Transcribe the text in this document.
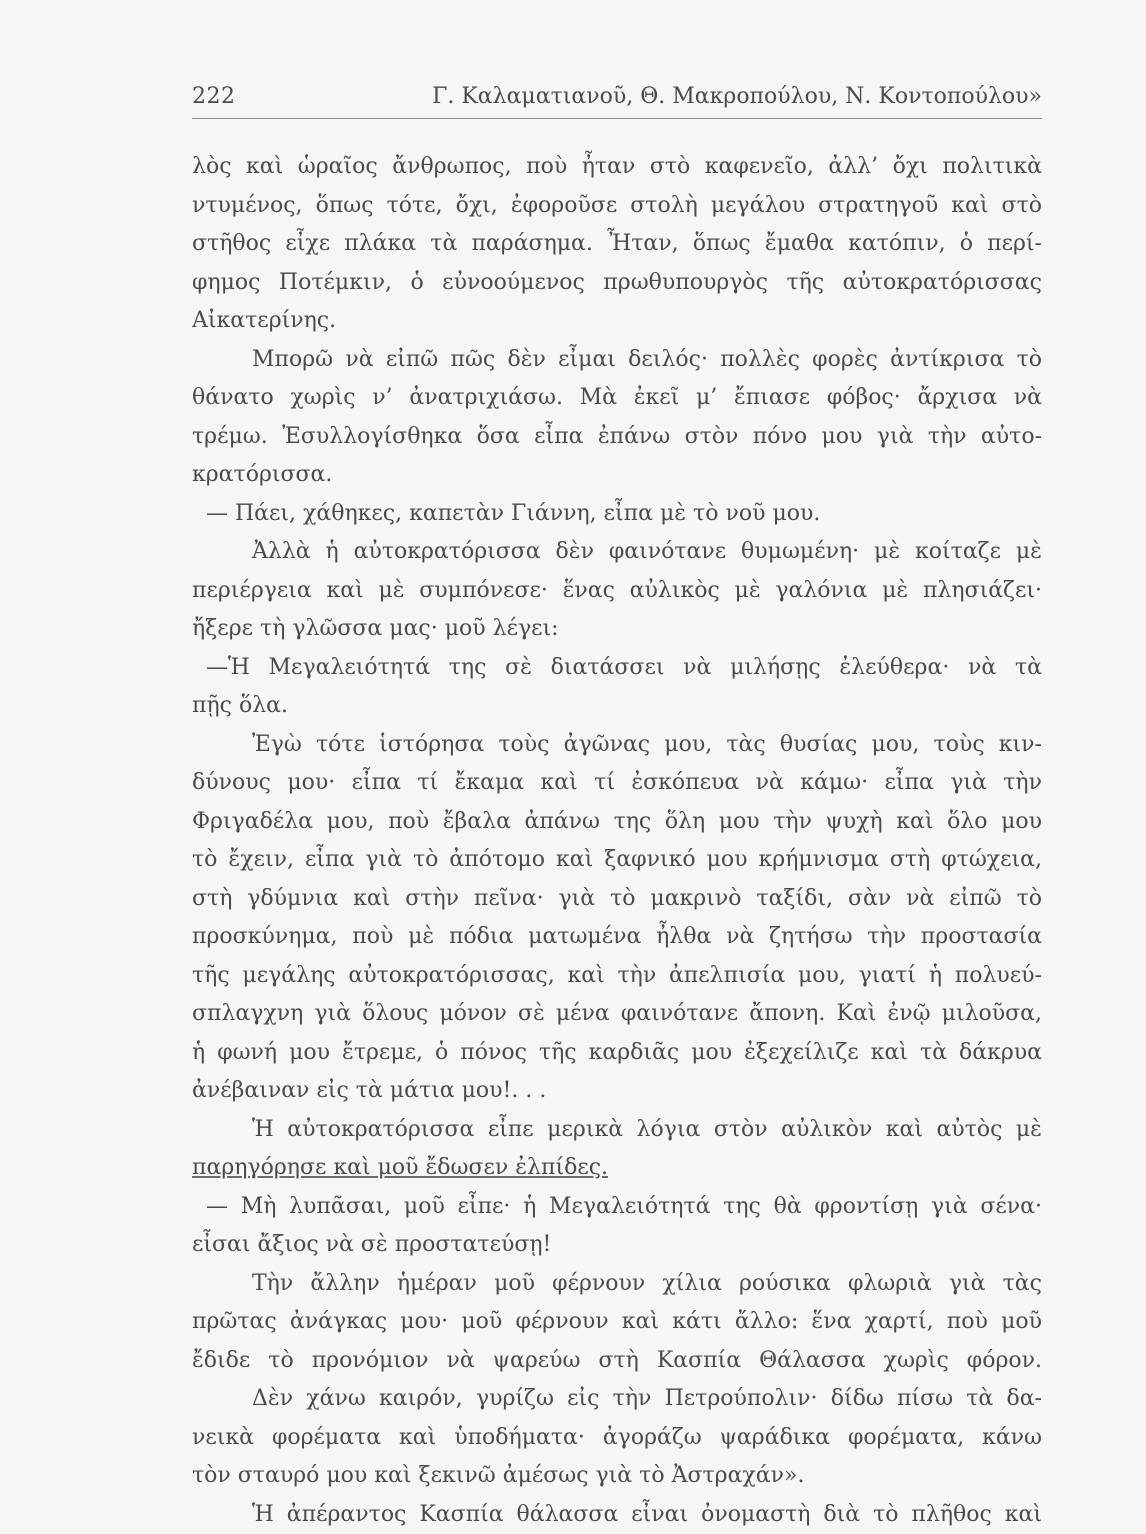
222	Γ. Καλαματιανοῦ, Θ. Μακροπούλου, Ν. Κοντοπούλου»
λὸς καὶ ὡραῖος ἄνθρωπος, ποὺ ἦταν στὸ καφενεῖο, ἀλλ’ ὄχι πολιτικὰ
ντυμένος, ὅπως τότε, ὄχι, ἐφοροῦσε στολὴ μεγάλου στρατηγοῦ καὶ στὸ
στῆθος εἶχε πλάκα τὰ παράσημα. Ἦταν, ὅπως ἔμαθα κατόπιν, ὁ περί-
φημος Ποτέμκιν, ὁ εὐνοούμενος πρωθυπουργὸς τῆς αὐτοκρατόρισσας
Αἰκατερίνης.
Μπορῶ νὰ εἰπῶ πῶς δὲν εἶμαι δειλός· πολλὲς φορὲς ἀντίκρισα τὸ
θάνατο χωρὶς ν’ ἀνατριχιάσω. Μὰ ἐκεῖ μ’ ἔπιασε φόβος· ἄρχισα νὰ
τρέμω. Ἐσυλλογίσθηκα ὅσα εἶπα ἐπάνω στὸν πόνο μου γιὰ τὴν αὐτο-
κρατόρισσα.
— Πάει, χάθηκες, καπετὰν Γιάννη, εἶπα μὲ τὸ νοῦ μου.
Ἀλλὰ ἡ αὐτοκρατόρισσα δὲν φαινότανε θυμωμένη· μὲ κοίταζε μὲ
περιέργεια καὶ μὲ συμπόνεσε· ἕνας αὐλικὸς μὲ γαλόνια μὲ πλησιάζει·
ἤξερε τὴ γλῶσσα μας· μοῦ λέγει:
—Ἡ Μεγαλειότητά της σὲ διατάσσει νὰ μιλήσῃς ἐλεύθερα· νὰ τὰ
πῇς ὅλα.
Ἐγὼ τότε ἱστόρησα τοὺς ἀγῶνας μου, τὰς θυσίας μου, τοὺς κιν-
δύνους μου· εἶπα τί ἔκαμα καὶ τί ἐσκόπευα νὰ κάμω· εἶπα γιὰ τὴν
Φριγαδέλα μου, ποὺ ἔβαλα ἀπάνω της ὅλη μου τὴν ψυχὴ καὶ ὅλο μου
τὸ ἔχειν, εἶπα γιὰ τὸ ἀπότομο καὶ ξαφνικό μου κρήμνισμα στὴ φτώχεια,
στὴ γδύμνια καὶ στὴν πεῖνα· γιὰ τὸ μακρινὸ ταξίδι, σὰν νὰ εἰπῶ τὸ
προσκύνημα, ποὺ μὲ πόδια ματωμένα ἦλθα νὰ ζητήσω τὴν προστασία
τῆς μεγάλης αὐτοκρατόρισσας, καὶ τὴν ἀπελπισία μου, γιατί ἡ πολυεύ-
σπλαγχνη γιὰ ὅλους μόνον σὲ μένα φαινότανε ἄπονη. Καὶ ἐνῷ μιλοῦσα,
ἡ φωνή μου ἔτρεμε, ὁ πόνος τῆς καρδιᾶς μου ἐξεχείλιζε καὶ τὰ δάκρυα
ἀνέβαιναν εἰς τὰ μάτια μου!. . .
Ἡ αὐτοκρατόρισσα εἶπε μερικὰ λόγια στὸν αὐλικὸν καὶ αὐτὸς μὲ
παρηγόρησε καὶ μοῦ ἔδωσεν ἐλπίδες.
— Μὴ λυπᾶσαι, μοῦ εἶπε· ἡ Μεγαλειότητά της θὰ φροντίσῃ γιὰ σένα·
εἶσαι ἄξιος νὰ σὲ προστατεύσῃ!
Τὴν ἄλλην ἡμέραν μοῦ φέρνουν χίλια ρούσικα φλωριὰ γιὰ τὰς
πρῶτας ἀνάγκας μου· μοῦ φέρνουν καὶ κάτι ἄλλο: ἕνα χαρτί, ποὺ μοῦ
ἔδιδε τὸ προνόμιον νὰ ψαρεύω στὴ Κασπία Θάλασσα χωρὶς φόρον.
Δὲν χάνω καιρόν, γυρίζω εἰς τὴν Πετρούπολιν· δίδω πίσω τὰ δα-
νεικὰ φορέματα καὶ ὑποδήματα· ἀγοράζω ψαράδικα φορέματα, κάνω
τὸν σταυρό μου καὶ ξεκινῶ ἀμέσως γιὰ τὸ Ἀστραχάν».
Ἡ ἀπέραντος Κασπία θάλασσα εἶναι ὀνομαστὴ διὰ τὸ πλῆθος καὶ
